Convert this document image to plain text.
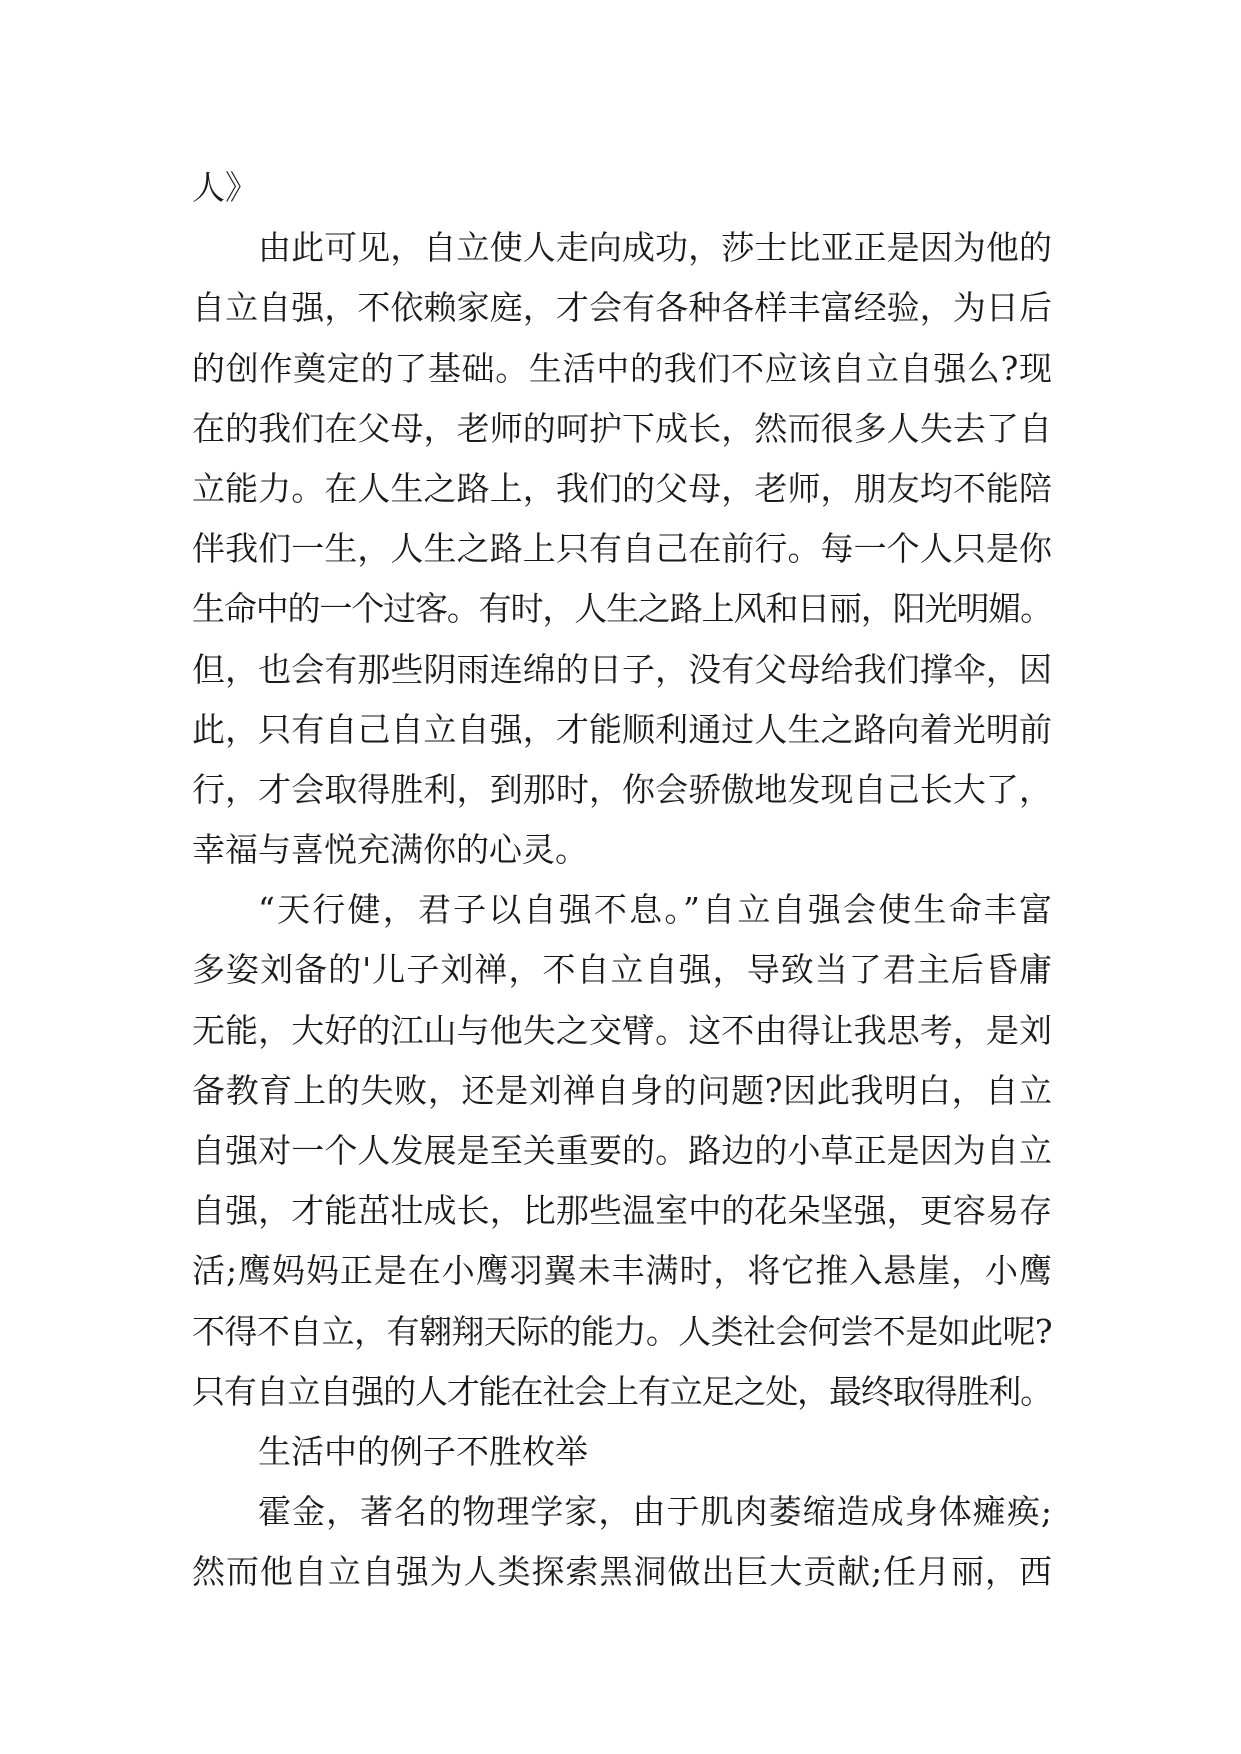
人》
由此可见，自立使人走向成功，莎士比亚正是因为他的
自立自强，不依赖家庭，才会有各种各样丰富经验，为日后
的创作奠定的了基础。生活中的我们不应该自立自强么?现
在的我们在父母，老师的呵护下成长，然而很多人失去了自
立能力。在人生之路上，我们的父母，老师，朋友均不能陪
伴我们一生，人生之路上只有自己在前行。每一个人只是你
生命中的一个过客。有时，人生之路上风和日丽，阳光明媚。
但，也会有那些阴雨连绵的日子，没有父母给我们撑伞，因
此，只有自己自立自强，才能顺利通过人生之路向着光明前
行，才会取得胜利，到那时，你会骄傲地发现自己长大了，
幸福与喜悦充满你的心灵。
“天行健，君子以自强不息。”自立自强会使生命丰富
多姿刘备的'儿子刘禅，不自立自强，导致当了君主后昏庸
无能，大好的江山与他失之交臂。这不由得让我思考，是刘
备教育上的失败，还是刘禅自身的问题?因此我明白，自立
自强对一个人发展是至关重要的。路边的小草正是因为自立
自强，才能茁壮成长，比那些温室中的花朵坚强，更容易存
活;鹰妈妈正是在小鹰羽翼未丰满时，将它推入悬崖，小鹰
不得不自立，有翱翔天际的能力。人类社会何尝不是如此呢?
只有自立自强的人才能在社会上有立足之处，最终取得胜利。
生活中的例子不胜枚举
霍金，著名的物理学家，由于肌肉萎缩造成身体瘫痪;
然而他自立自强为人类探索黑洞做出巨大贡献;任月丽，西
